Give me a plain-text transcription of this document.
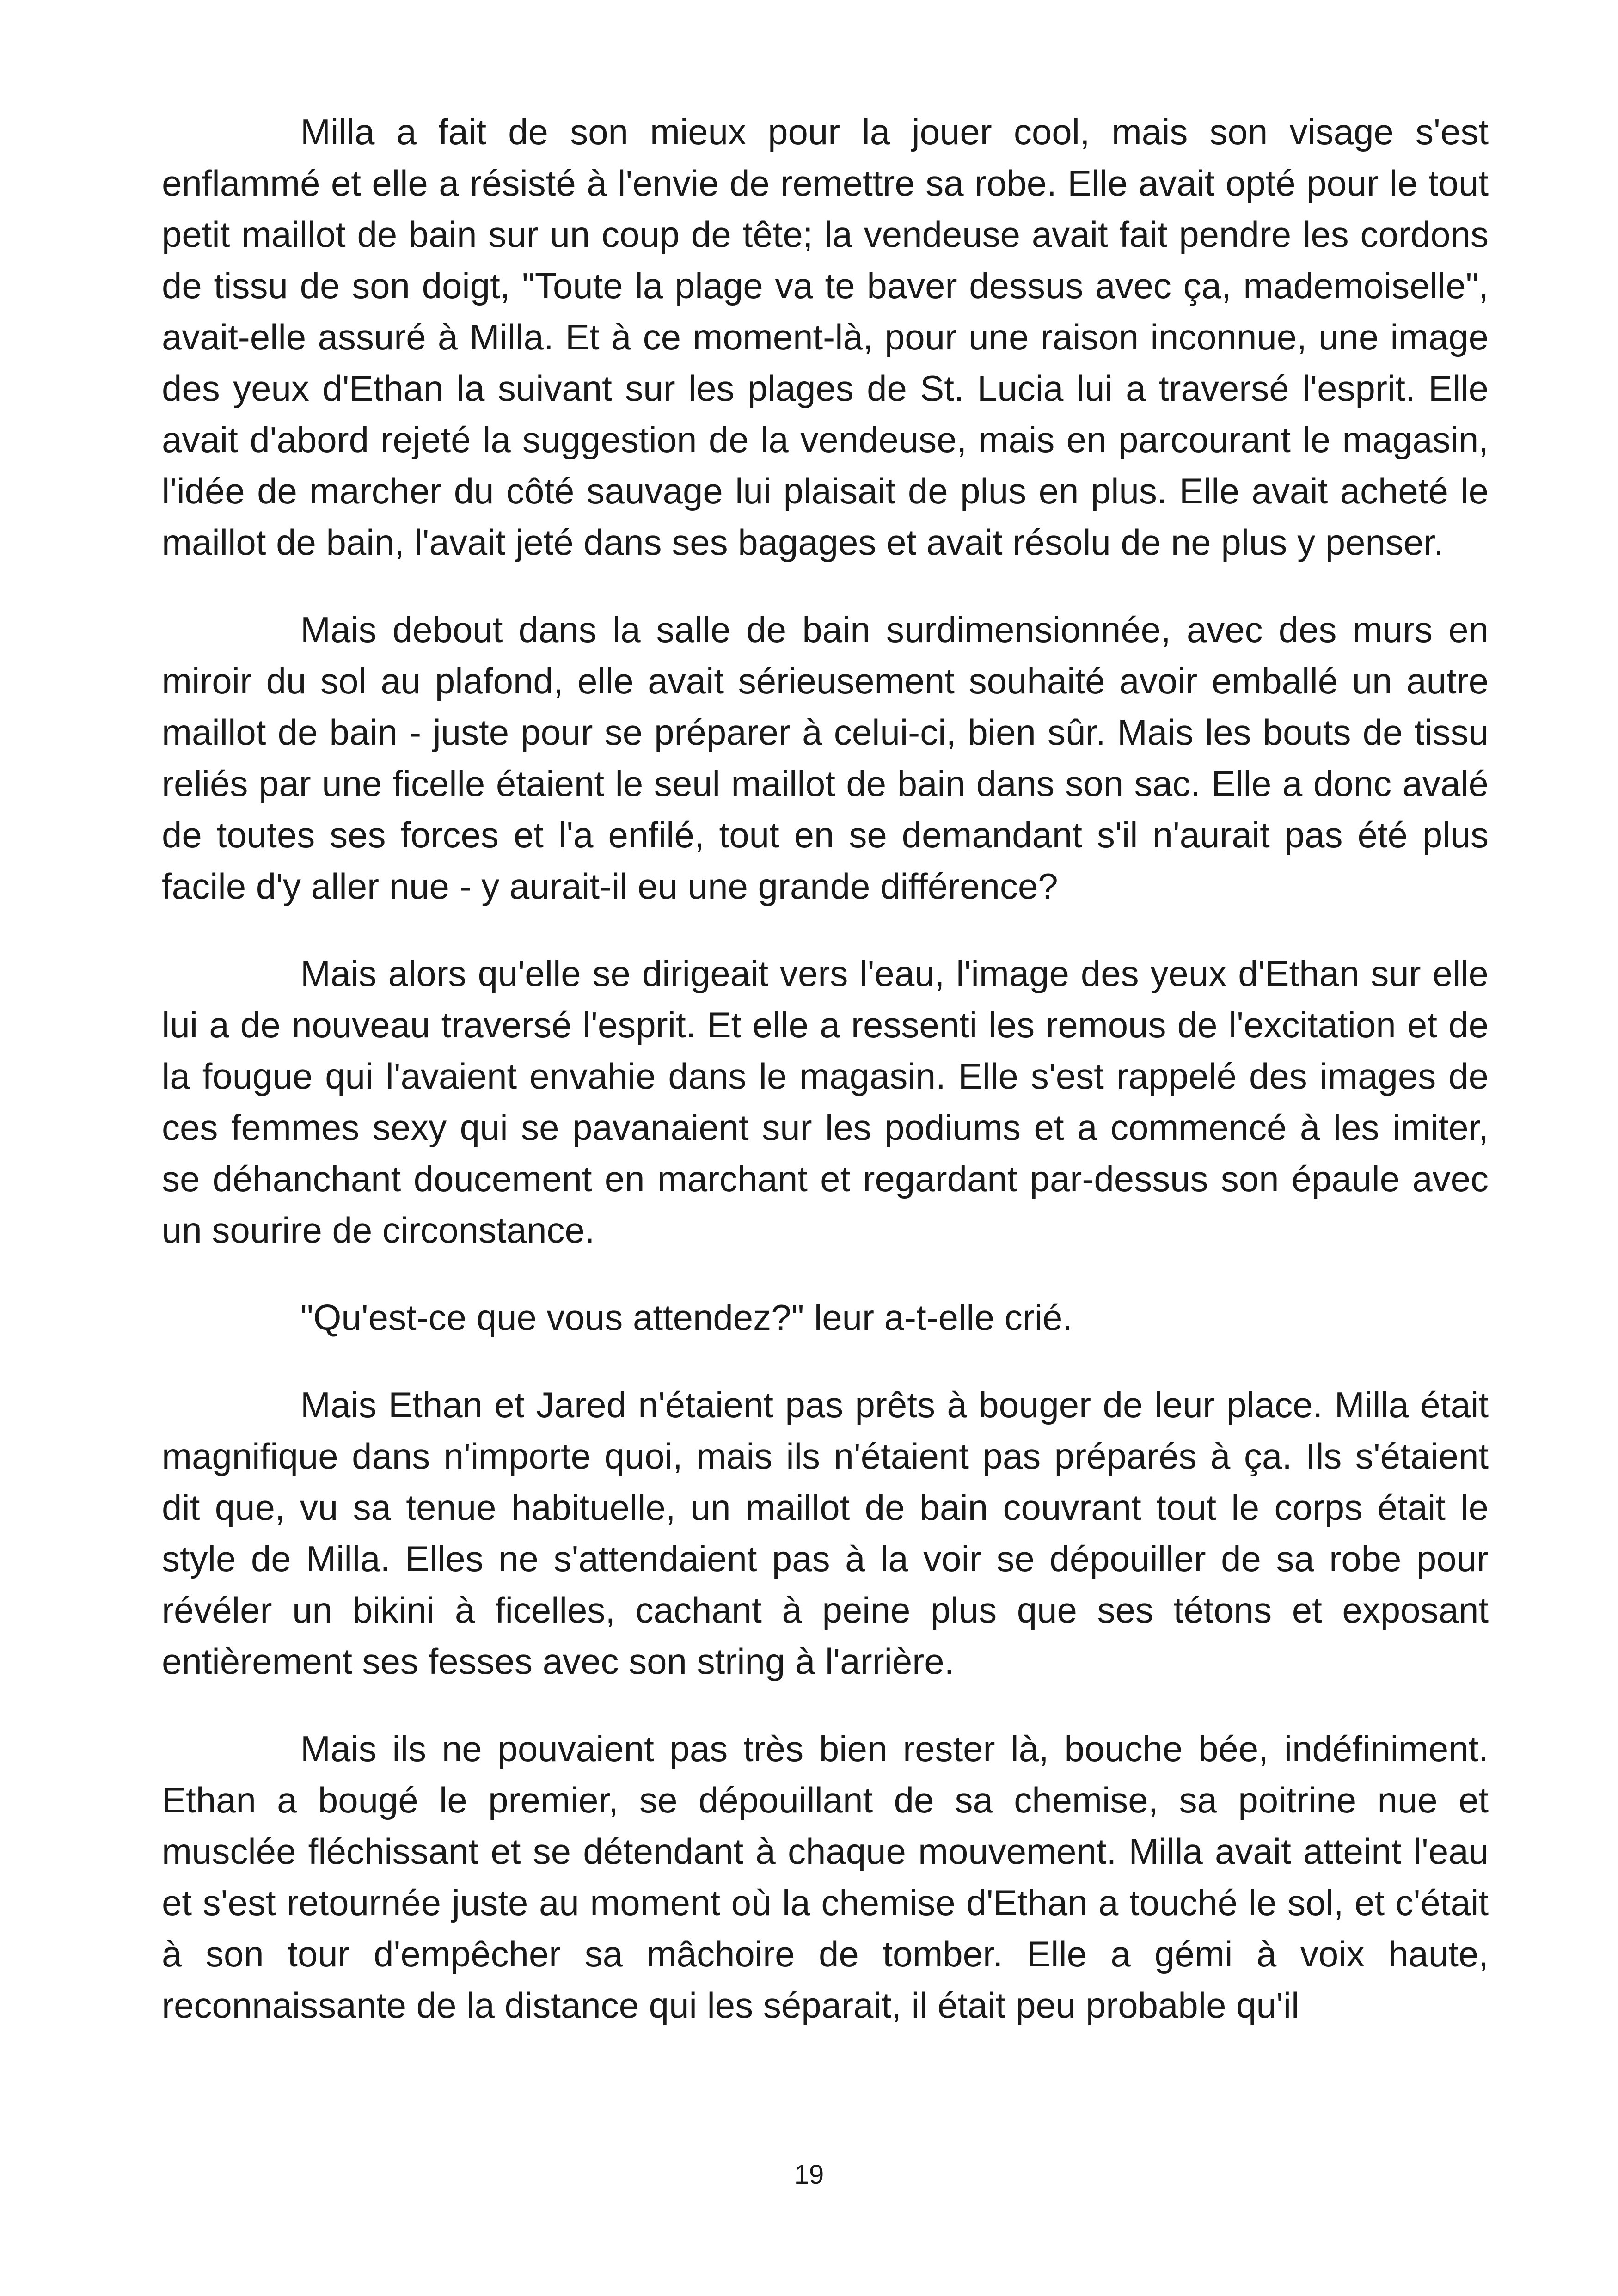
Milla a fait de son mieux pour la jouer cool, mais son visage s'est enflammé et elle a résisté à l'envie de remettre sa robe. Elle avait opté pour le tout petit maillot de bain sur un coup de tête; la vendeuse avait fait pendre les cordons de tissu de son doigt, "Toute la plage va te baver dessus avec ça, mademoiselle", avait-elle assuré à Milla. Et à ce moment-là, pour une raison inconnue, une image des yeux d'Ethan la suivant sur les plages de St. Lucia lui a traversé l'esprit. Elle avait d'abord rejeté la suggestion de la vendeuse, mais en parcourant le magasin, l'idée de marcher du côté sauvage lui plaisait de plus en plus. Elle avait acheté le maillot de bain, l'avait jeté dans ses bagages et avait résolu de ne plus y penser.

Mais debout dans la salle de bain surdimensionnée, avec des murs en miroir du sol au plafond, elle avait sérieusement souhaité avoir emballé un autre maillot de bain - juste pour se préparer à celui-ci, bien sûr. Mais les bouts de tissu reliés par une ficelle étaient le seul maillot de bain dans son sac. Elle a donc avalé de toutes ses forces et l'a enfilé, tout en se demandant s'il n'aurait pas été plus facile d'y aller nue - y aurait-il eu une grande différence?

Mais alors qu'elle se dirigeait vers l'eau, l'image des yeux d'Ethan sur elle lui a de nouveau traversé l'esprit. Et elle a ressenti les remous de l'excitation et de la fougue qui l'avaient envahie dans le magasin. Elle s'est rappelé des images de ces femmes sexy qui se pavanaient sur les podiums et a commencé à les imiter, se déhanchant doucement en marchant et regardant par-dessus son épaule avec un sourire de circonstance.

"Qu'est-ce que vous attendez?" leur a-t-elle crié.

Mais Ethan et Jared n'étaient pas prêts à bouger de leur place. Milla était magnifique dans n'importe quoi, mais ils n'étaient pas préparés à ça. Ils s'étaient dit que, vu sa tenue habituelle, un maillot de bain couvrant tout le corps était le style de Milla. Elles ne s'attendaient pas à la voir se dépouiller de sa robe pour révéler un bikini à ficelles, cachant à peine plus que ses tétons et exposant entièrement ses fesses avec son string à l'arrière.

Mais ils ne pouvaient pas très bien rester là, bouche bée, indéfiniment. Ethan a bougé le premier, se dépouillant de sa chemise, sa poitrine nue et musclée fléchissant et se détendant à chaque mouvement. Milla avait atteint l'eau et s'est retournée juste au moment où la chemise d'Ethan a touché le sol, et c'était à son tour d'empêcher sa mâchoire de tomber. Elle a gémi à voix haute, reconnaissante de la distance qui les séparait, il était peu probable qu'il

19
